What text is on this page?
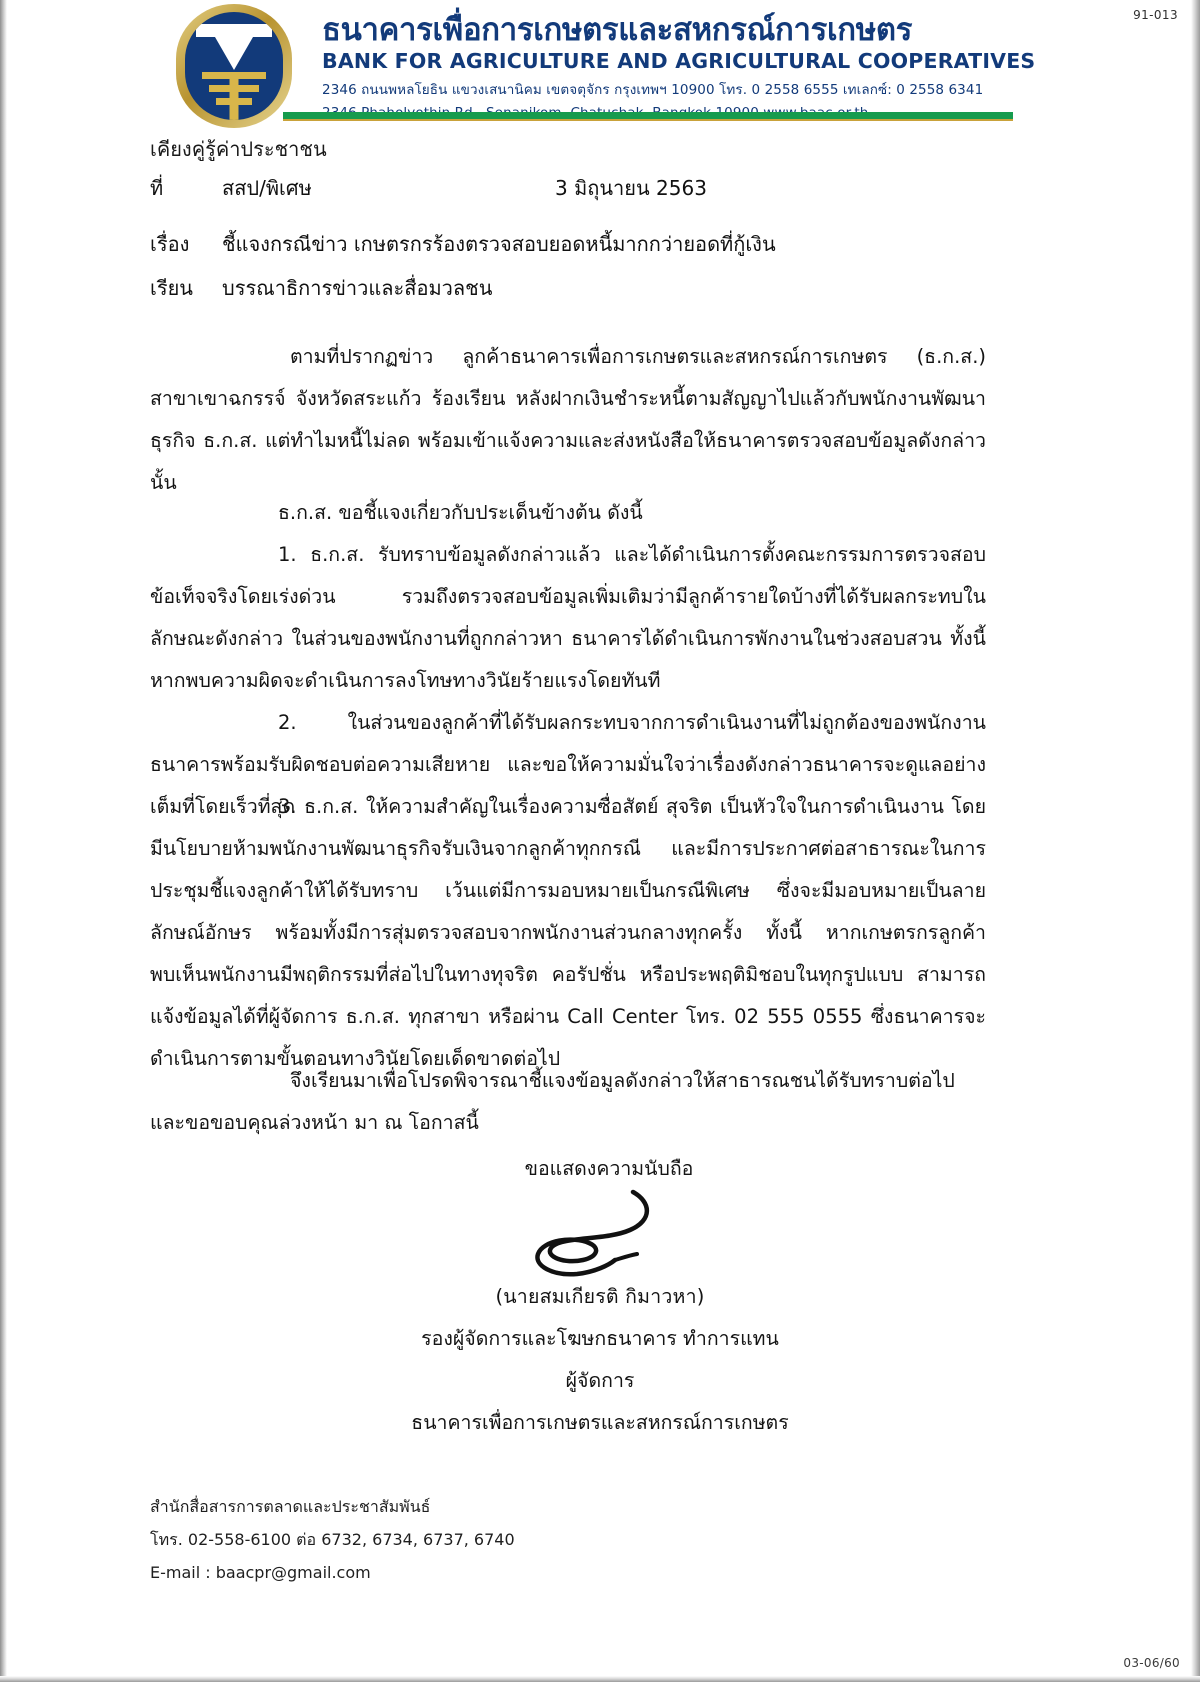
91-013
ธนาคารเพื่อการเกษตรและสหกรณ์การเกษตร
BANK FOR AGRICULTURE AND AGRICULTURAL COOPERATIVES
2346 ถนนพหลโยธิน แขวงเสนานิคม เขตจตุจักร กรุงเทพฯ 10900 โทร. 0 2558 6555 เทเลกซ์: 0 2558 6341
เคียงคู่รู้ค่าประชาชน
ที่	สสป/พิเศษ	3 มิถุนายน 2563
เรื่อง ชี้แจงกรณีข่าว เกษตรกรร้องตรวจสอบยอดหนี้มากกว่ายอดที่กู้เงิน
เรียน บรรณาธิการข่าวและสื่อมวลชน
ตามที่ปรากฏข่าว ลูกค้าธนาคารเพื่อการเกษตรและสหกรณ์การเกษตร (ธ.ก.ส.) สาขาเขาฉกรรจ์ จังหวัดสระแก้ว ร้องเรียน หลังฝากเงินชำระหนี้ตามสัญญาไปแล้วกับพนักงานพัฒนาธุรกิจ ธ.ก.ส. แต่ทำไมหนี้ไม่ลด พร้อมเข้าแจ้งความและส่งหนังสือให้ธนาคารตรวจสอบข้อมูลดังกล่าว นั้น
ธ.ก.ส. ขอชี้แจงเกี่ยวกับประเด็นข้างต้น ดังนี้
1. ธ.ก.ส. รับทราบข้อมูลดังกล่าวแล้ว และได้ดำเนินการตั้งคณะกรรมการตรวจสอบข้อเท็จจริงโดยเร่งด่วน รวมถึงตรวจสอบข้อมูลเพิ่มเติมว่ามีลูกค้ารายใดบ้างที่ได้รับผลกระทบในลักษณะดังกล่าว ในส่วนของพนักงานที่ถูกกล่าวหา ธนาคารได้ดำเนินการพักงานในช่วงสอบสวน ทั้งนี้ หากพบความผิดจะดำเนินการลงโทษทางวินัยร้ายแรงโดยทันที
2. ในส่วนของลูกค้าที่ได้รับผลกระทบจากการดำเนินงานที่ไม่ถูกต้องของพนักงาน ธนาคารพร้อมรับผิดชอบต่อความเสียหาย และขอให้ความมั่นใจว่าเรื่องดังกล่าวธนาคารจะดูแลอย่างเต็มที่โดยเร็วที่สุด
3. ธ.ก.ส. ให้ความสำคัญในเรื่องความซื่อสัตย์ สุจริต เป็นหัวใจในการดำเนินงาน โดยมีนโยบายห้ามพนักงานพัฒนาธุรกิจรับเงินจากลูกค้าทุกกรณี และมีการประกาศต่อสาธารณะในการประชุมชี้แจงลูกค้าให้ได้รับทราบ เว้นแต่มีการมอบหมายเป็นกรณีพิเศษ ซึ่งจะมีมอบหมายเป็นลายลักษณ์อักษร พร้อมทั้งมีการสุ่มตรวจสอบจากพนักงานส่วนกลางทุกครั้ง ทั้งนี้ หากเกษตรกรลูกค้าพบเห็นพนักงานมีพฤติกรรมที่ส่อไปในทางทุจริต คอรัปชั่น หรือประพฤติมิชอบในทุกรูปแบบ สามารถแจ้งข้อมูลได้ที่ผู้จัดการ ธ.ก.ส. ทุกสาขา หรือผ่าน Call Center โทร. 02 555 0555 ซึ่งธนาคารจะดำเนินการตามขั้นตอนทางวินัยโดยเด็ดขาดต่อไป
จึงเรียนมาเพื่อโปรดพิจารณาชี้แจงข้อมูลดังกล่าวให้สาธารณชนได้รับทราบต่อไปและขอขอบคุณล่วงหน้า มา ณ โอกาสนี้
ขอแสดงความนับถือ
(นายสมเกียรติ กิมาวหา)
รองผู้จัดการและโฆษกธนาคาร ทำการแทน
ผู้จัดการ
ธนาคารเพื่อการเกษตรและสหกรณ์การเกษตร
สำนักสื่อสารการตลาดและประชาสัมพันธ์
โทร. 02-558-6100 ต่อ 6732, 6734, 6737, 6740
E-mail : baacpr@gmail.com
03-06/60
